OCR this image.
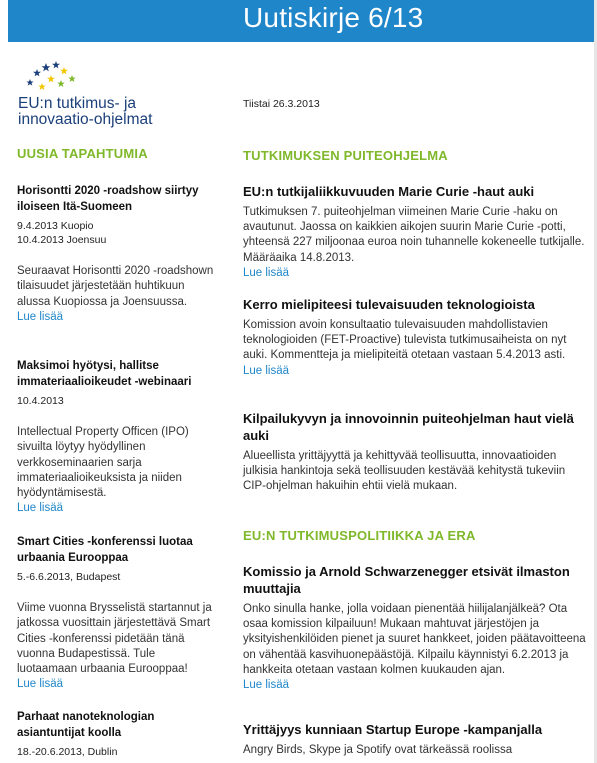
Uutiskirje 6/13
EU:n tutkimus- ja
innovaatio-ohjelmat
Tiistai 26.3.2013
UUSIA TAPAHTUMIA
Horisontti 2020 -roadshow siirtyy iloiseen Itä-Suomeen
9.4.2013 Kuopio
10.4.2013 Joensuu
Seuraavat Horisontti 2020 -roadshown tilaisuudet järjestetään huhtikuun alussa Kuopiossa ja Joensuussa.
Lue lisää
Maksimoi hyötysi, hallitse immateriaalioikeudet -webinaari
10.4.2013
Intellectual Property Officen (IPO) sivuilta löytyy hyödyllinen verkkoseminaarien sarja immateriaalioikeuksista ja niiden hyödyntämisestä.
Lue lisää
Smart Cities -konferenssi luotaa urbaania Eurooppaa
5.-6.6.2013, Budapest
Viime vuonna Brysselistä startannut ja jatkossa vuosittain järjestettävä Smart Cities -konferenssi pidetään tänä vuonna Budapestissä. Tule luotaamaan urbaania Eurooppaa!
Lue lisää
Parhaat nanoteknologian asiantuntijat koolla
18.-20.6.2013, Dublin
TUTKIMUKSEN PUITEOHJELMA
EU:n tutkijaliikkuvuuden Marie Curie -haut auki
Tutkimuksen 7. puiteohjelman viimeinen Marie Curie -haku on avautunut. Jaossa on kaikkien aikojen suurin Marie Curie -potti, yhteensä 227 miljoonaa euroa noin tuhannelle kokeneelle tutkijalle. Määräaika 14.8.2013.
Lue lisää
Kerro mielipiteesi tulevaisuuden teknologioista
Komission avoin konsultaatio tulevaisuuden mahdollistavien teknologioiden (FET-Proactive) tulevista tutkimusaiheista on nyt auki. Kommentteja ja mielipiteitä otetaan vastaan 5.4.2013 asti.
Lue lisää
Kilpailukyvyn ja innovoinnin puiteohjelman haut vielä auki
Alueellista yrittäjyyttä ja kehittyvää teollisuutta, innovaatioiden julkisia hankintoja sekä teollisuuden kestävää kehitystä tukeviin CIP-ohjelman hakuihin ehtii vielä mukaan.
EU:N TUTKIMUSPOLITIIKKA JA ERA
Komissio ja Arnold Schwarzenegger etsivät ilmaston muuttajia
Onko sinulla hanke, jolla voidaan pienentää hiilijalanjälkeä? Ota osaa komission kilpailuun! Mukaan mahtuvat järjestöjen ja yksityishenkilöiden pienet ja suuret hankkeet, joiden päätavoitteena on vähentää kasvihuonepäästöjä. Kilpailu käynnistyi 6.2.2013 ja hankkeita otetaan vastaan kolmen kuukauden ajan.
Lue lisää
Yrittäjyys kunniaan Startup Europe -kampanjalla
Angry Birds, Skype ja Spotify ovat tärkeässä roolissa
